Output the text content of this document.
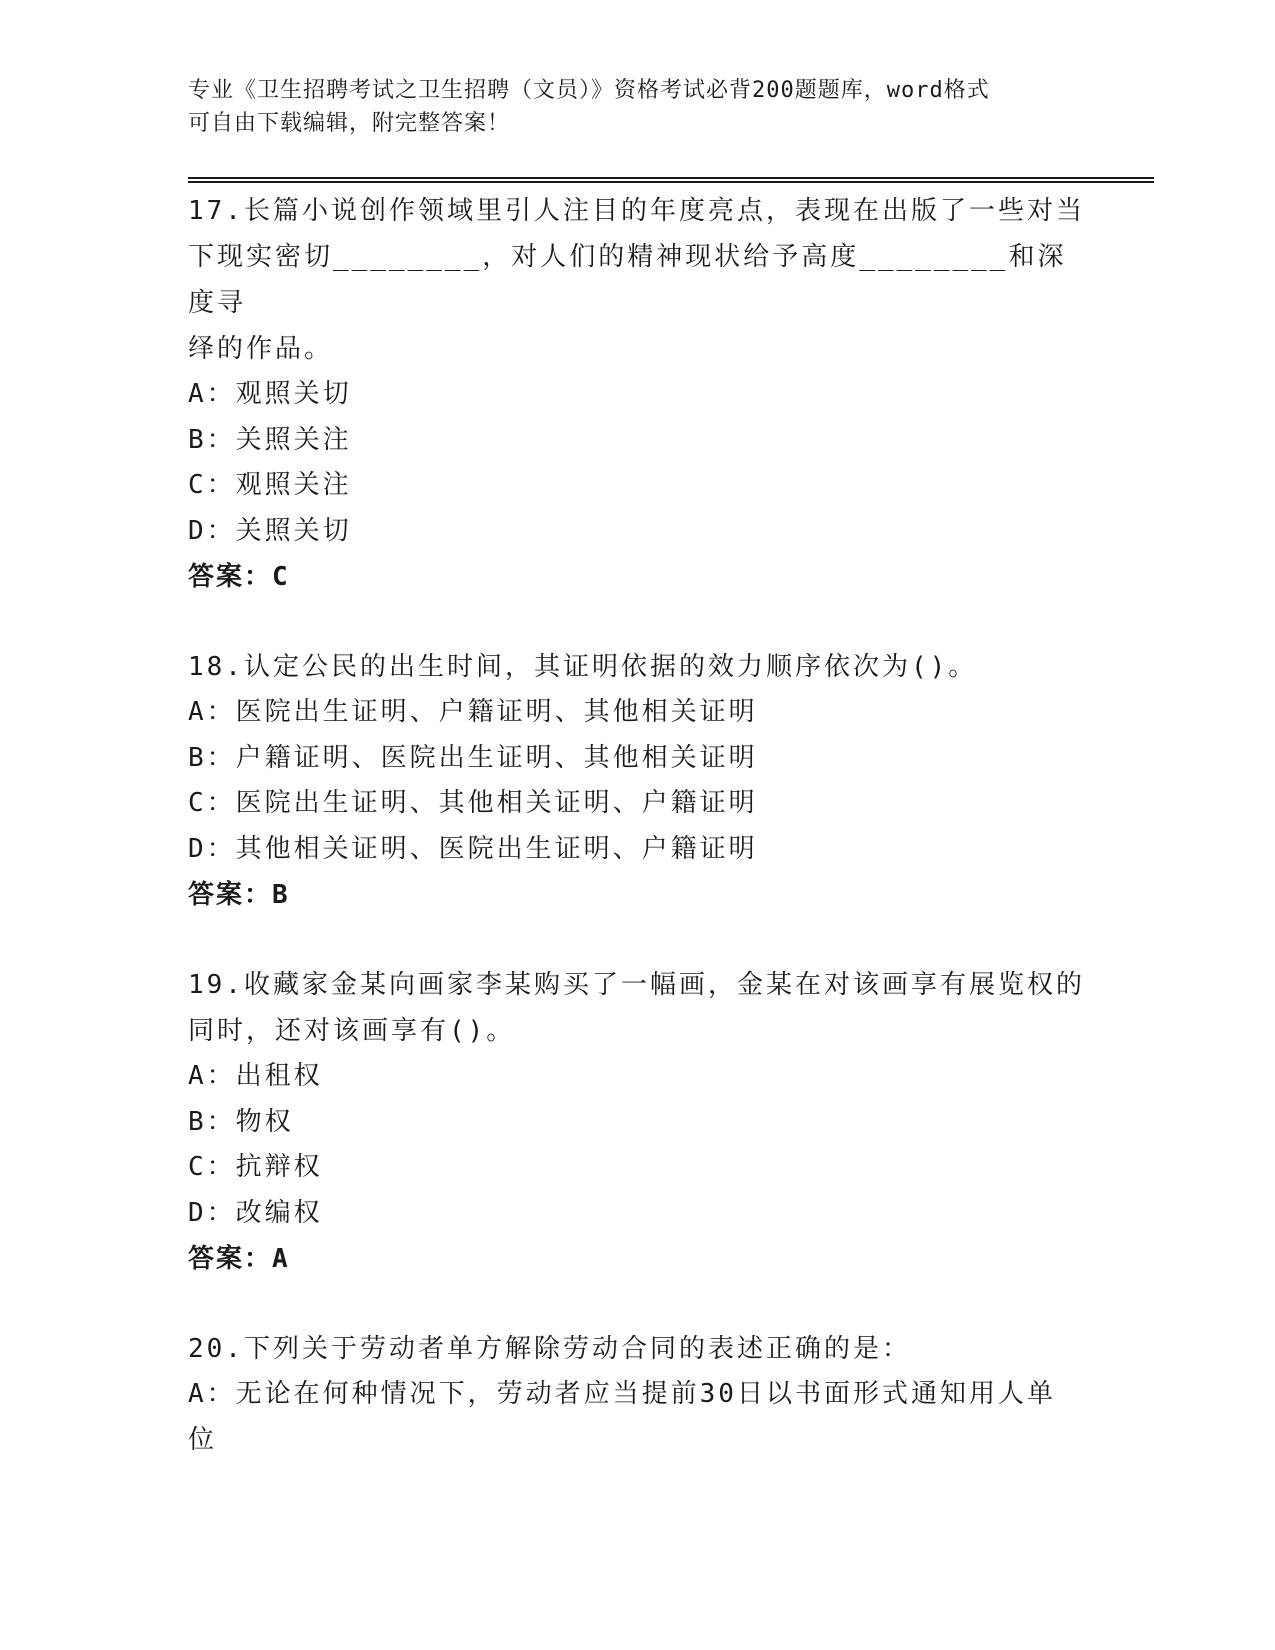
专业《卫生招聘考试之卫生招聘（文员）》资格考试必背200题题库，word格式
可自由下载编辑，附完整答案！

17.长篇小说创作领域里引人注目的年度亮点，表现在出版了一些对当

下现实密切________，对人们的精神现状给予高度________和深度寻

绎的作品。

A：观照关切

B：关照关注

C：观照关注

D：关照关切

答案：C

18.认定公民的出生时间，其证明依据的效力顺序依次为()。

A：医院出生证明、户籍证明、其他相关证明

B：户籍证明、医院出生证明、其他相关证明

C：医院出生证明、其他相关证明、户籍证明

D：其他相关证明、医院出生证明、户籍证明

答案：B

19.收藏家金某向画家李某购买了一幅画，金某在对该画享有展览权的

同时，还对该画享有()。

A：出租权

B：物权

C：抗辩权

D：改编权

答案：A

20.下列关于劳动者单方解除劳动合同的表述正确的是：

A：无论在何种情况下，劳动者应当提前30日以书面形式通知用人单

位
